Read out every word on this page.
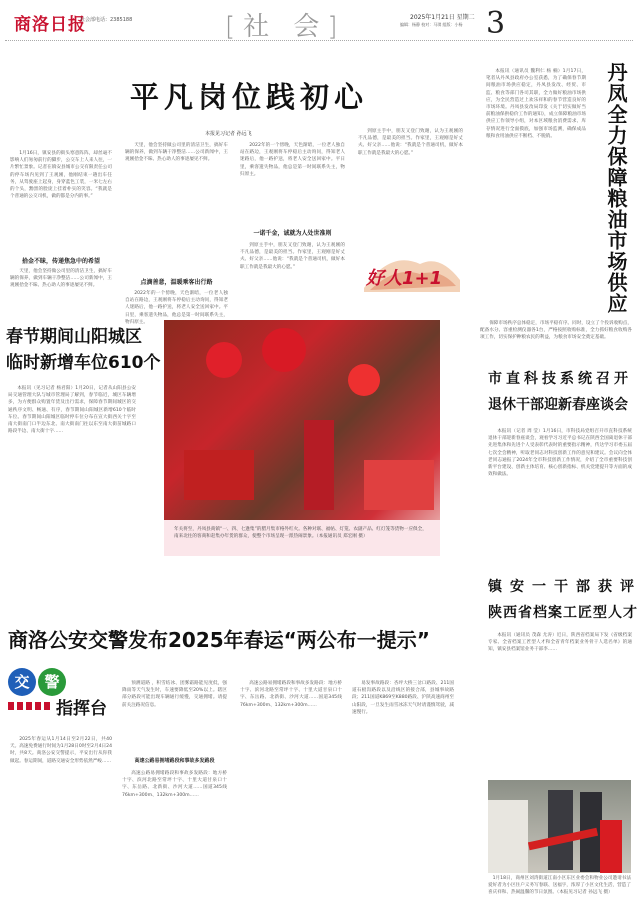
商洛日报
社会部电话：2385188	[社 会]	2025年1月21日 星期二
编辑：杨静 校对：马琪 组版：小杨 3
平凡岗位践初心
本报见习记者 孙远飞
1月16日，镇安县的街头寒意阵阵，却丝毫不影响人们匆匆前行的脚步，公交车上人来人往，一片繁忙景象。记者在镇安县城市公交有限责任公司的停车场内见到了王观刚，他刚结束一趟出车任务，从驾驶座上起身，身穿蓝色工装，一米七左右的个头，黝黑的脸庞上挂着朴实的笑容。“我就是个普通的公交司机，做的都是分内的事。”
拾金不昧，传递焦急中的希望
天里，他会坚持做公司里的清洁卫生，搞好车辆的保养，做到车辆干净整洁……公司新闻中，王观刚拾金不昧、热心助人的事迹屡见不鲜。
天里，他会坚持做公司里的清洁卫生，搞好车辆的保养，做到车辆干净整洁……公司新闻中，王观刚拾金不昧、热心助人的事迹屡见不鲜。
点滴善意，温暖乘客出行路
2022年的一个傍晚，天色渐暗，一位老人独自站在路边，王观刚将车停稳后主动询问，得知老人迷路后，他一路护送，将老人安全送回家中。平日里，乘客遗失物品，他总是第一时间联系失主，物归原主。
2022年的一个傍晚，天色渐暗，一位老人独自站在路边，王观刚将车停稳后主动询问，得知老人迷路后，他一路护送，将老人安全送回家中。平日里，乘客遗失物品，他总是第一时间联系失主，物归原主。
一诺千金，诚就为人处世准则
到原主手中，朋友又登门致谢，认为王观刚的不凡品德，是最美的担当。作家里，王观刚是好丈夫、好父亲……他说：“我就是个普通司机，做好本职工作就是我最大的心愿。”
到原主手中，朋友又登门致谢，认为王观刚的不凡品德，是最美的担当。作家里，王观刚是好丈夫、好父亲……他说：“我就是个普通司机，做好本职工作就是我最大的心愿。”
好人1+1
本报讯（通讯员 魏利仁 杨 楠）1月17日，笔者从丹凤县政府办公室获悉，为了确保春节期间粮油市场供应稳定，丹凤县发改、经贸、市监、粮食等部门各司其职，全力做好粮油市场供应，为全民营造过上欢乐祥和的春节营造良好的市场环境。丹凤县发改局印发《关于切实做好当前粮油保供稳价工作的通知》，成立保障粮油市场供应工作领导小组，对本区域粮食消费需求、库存情况进行全面摸底，加强市场监测，确保成品粮和食用油供应不断档、不脱销。	丹凤全力保障粮油市场供应
春节期间山阳城区
临时新增车位610个
本报讯（见习记者 杨君阳）1月20日，记者从山阳县公安局交通管理大队与城市管理局了解到，春节临近，城区车辆增多，为方便群众购置年货及出行需求，保障春节期间城区的交通秩序文明、畅通、有序，春节期间山阳城区新增610个临时车位。春节期间山阳城区临时停车位分布在宣大街西关十字至南大街南门口半边东北、南大街南门往以东至南大街苗城路口路段半边、南大街十字……
年关将至，丹凤县商镇“一、四、七逢集”的腊月集市格外红火。各种对联、福帖、灯笼、农副产品、红灯笼等货物一应俱全，南来北往的客商和赶集办年货的群众，使整个市场呈现一派热闹景象。（本报通讯员 郑宏刚 摄）
保障市场秩序总体稳定，市场平稳有序。同时，设立了个投诉收购点，配备水分、容重检测仪器各1台，严格按照收购标准，全力抓好粮食收购各项工作，切实保护种粮农民的利益，为粮食市场安全奠定基础。
市直科技系统召开
退休干部迎新春座谈会
本报讯（记者 周 莹）1月16日，市科技局党组召开市直科技系统退休干部迎新春座谈会，观看学习习近平总书记在陕西全国离退休干部先进集体和先进个人受表彰代表时的重要指示精神，传达学习市委五届七次全会精神，听取老同志对科技创新工作的意见和建议。会议向全体老同志通报了2024年全市科技创新工作情况，介绍了全市重要科技创新平台建设、创新主体培育、核心创新指标、机关党建提升等方面的成效和做法。
镇安一干部获评
陕西省档案工匠型人才
本报讯（通讯员 茂森 尤涛）近日，陕西省档案局下发《省级档案专家、全省档案工匠型人才和全省青年档案业务骨干人选名单》的通知，镇安县档案馆业务干部李……
1月18日，商州区刘湾街道江南小区东区业委会和物业公司邀请书法爱好者为小区住户义务写春联、送福字，浓厚了小区文化生活，营造了喜庆祥和、热闹温馨的节日氛围。（本报见习记者 孙远飞 摄）
商洛公安交警发布2025年春运“两公布一提示”
交 警
指挥台
2025年春运从1月14日至2月22日，共40天。高速免费通行时间为1月28日0时至2月4日24时，共8天。商洛公安交警提示，平安出行从你我做起。春运期间，道路交通安全形势依然严峻……
预测道路 ，积雪结冰、团雾霜路能见度低，强降雨等天气发生时，车速要降低至20%以上。辖区部分路段可能出现车辆通行缓慢，交通拥堵。请提前关注路况信息。
高速公路易拥堵路段和事故多发路段
高速公路易拥堵路段和事故多发路段：地方桥十字、滨河北路至常坪十字、十里大道甘泉口十字、东岳路、北新街、沙河大道……国道345线76km+300m、132km+300m……
高速公路易拥堵路段和事故多发路段：地方桥十字、滨河北路至常坪十字、十里大道甘泉口十字、东岳路、北新街、沙河大道……国道345线76km+300m、132km+300m……
易发事故路段：杏坪大桥三岔口路段、211国道石板沟路段以及沿线区的接合部，县城事故路段；211国道K869至K880路段、沪陕高速商州至山阳段，一旦发生雨雪冰冻天气时请谨慎驾驶，减速慢行。
